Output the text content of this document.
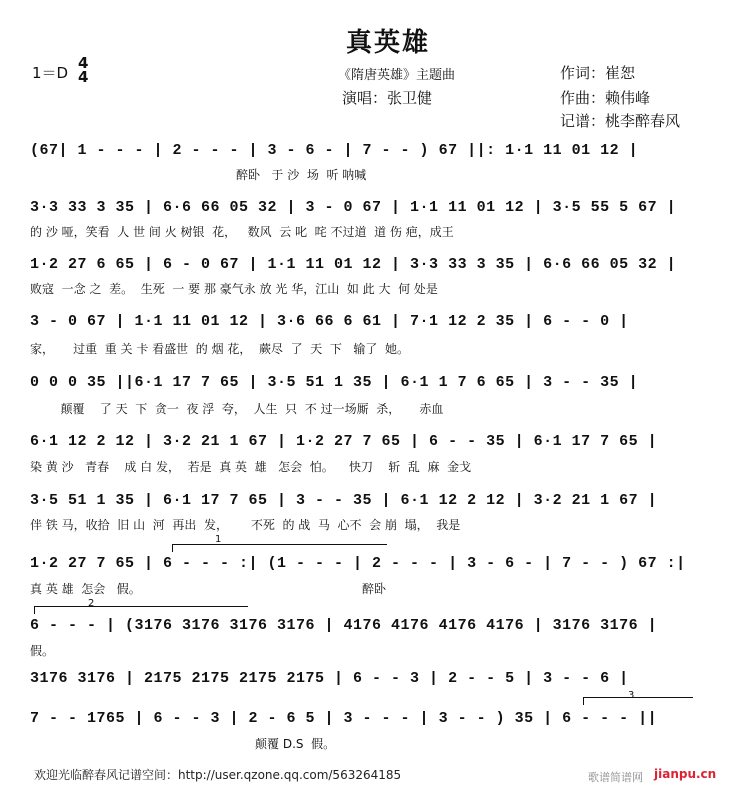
真英雄
1＝D
4
4	《隋唐英雄》主题曲
演唱：张卫健
作词：崔恕
作曲：赖伟峰
记谱：桃李醉春风
(67| 1 - - - | 2 - - - | 3 - 6 - | 7 - - ) 67 ||: 1·1 11 01 12 |
醉卧   于 沙  场  听 呐喊
3·3 33 3 35 | 6·6 66 05 32 | 3 - 0 67 | 1·1 11 01 12 | 3·5 55 5 67 |
的 沙 哑，笑看  人 世 间 火 树银  花，   数风  云 叱  咤 不过道  道 伤 疤，成王
1·2 27 6 65 | 6 - 0 67 | 1·1 11 01 12 | 3·3 33 3 35 | 6·6 66 05 32 |
败寇  一念 之  差。  生死  一 要 那 豪气永 放 光 华，江山  如 此 大  何 处是
3 - 0 67 | 1·1 11 01 12 | 3·6 66 6 61 | 7·1 12 2 35 | 6 - - 0 |
家，     过重  重 关 卡 看盛世  的 烟 花，  蕨尽  了  天  下   输了  她。
0 0 0 35 ||6·1 17 7 65 | 3·5 51 1 35 | 6·1 1 7 6 65 | 3 - - 35 |
颠覆    了 天  下  贪一  夜 浮  夸，  人生  只  不 过一场厮  杀，     赤血
6·1 12 2 12 | 3·2 21 1 67 | 1·2 27 7 65 | 6 - - 35 | 6·1 17 7 65 |
染 黄 沙   青春    成 白 发，  若是  真 英  雄   怎会  怕。    快刀    斩  乱  麻  金戈
3·5 51 1 35 | 6·1 17 7 65 | 3 - - 35 | 6·1 12 2 12 | 3·2 21 1 67 |
伴 铁 马，收拾  旧 山  河  再出  发，      不死  的 战  马  心不  会 崩  塌，  我是
1
1·2 27 7 65 | 6 - - - :| (1 - - - | 2 - - - | 3 - 6 - | 7 - - ) 67 :|
真 英 雄  怎会   假。                                                          醉卧
2
6 - - - | (3176 3176 3176 3176 | 4176 4176 4176 4176 | 3176 3176 |
假。
3176 3176 | 2175 2175 2175 2175 | 6 - - 3 | 2 - - 5 | 3 - - 6 |
3
7 - - 1765 | 6 - - 3 | 2 - 6 5 | 3 - - - | 3 - - ) 35 | 6 - - - ||
颠覆 D.S  假。
欢迎光临醉春风记谱空间：http://user.qzone.qq.com/563264185	歌谱简谱网 jianpu.cn
